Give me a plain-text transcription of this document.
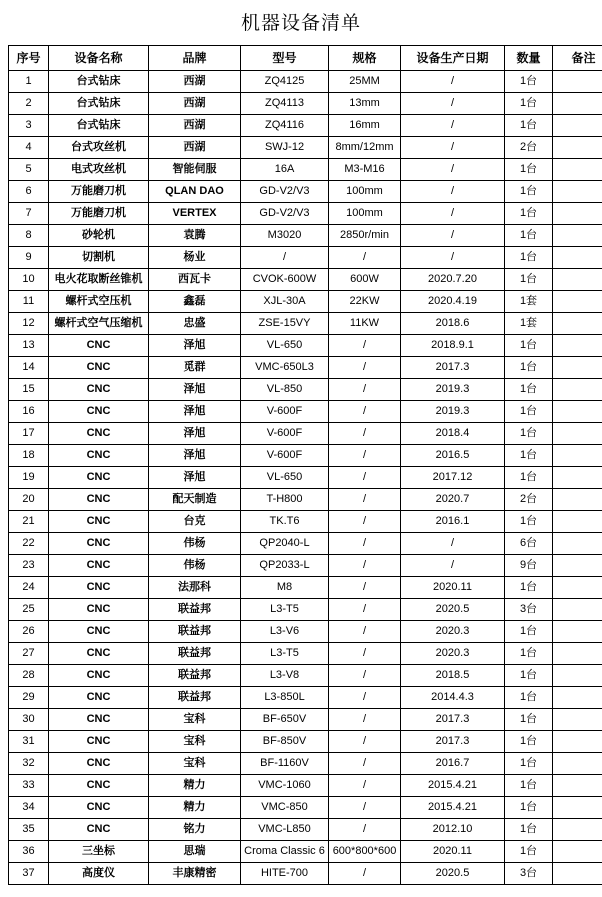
机器设备清单
序号	设备名称	品牌	型号	规格	设备生产日期	数量	备注
1	台式钻床	西湖	ZQ4125	25MM	/	1台	
2	台式钻床	西湖	ZQ4113	13mm	/	1台	
3	台式钻床	西湖	ZQ4116	16mm	/	1台	
4	台式攻丝机	西湖	SWJ-12	8mm/12mm	/	2台	
5	电式攻丝机	智能伺服	16A	M3-M16	/	1台	
6	万能磨刀机	QLAN DAO	GD-V2/V3	100mm	/	1台	
7	万能磨刀机	VERTEX	GD-V2/V3	100mm	/	1台	
8	砂轮机	袁腾	M3020	2850r/min	/	1台	
9	切割机	杨业	/	/	/	1台	
10	电火花取断丝锥机	西瓦卡	CVOK-600W	600W	2020.7.20	1台	
11	螺杆式空压机	鑫磊	XJL-30A	22KW	2020.4.19	1套	
12	螺杆式空气压缩机	忠盛	ZSE-15VY	11KW	2018.6	1套	
13	CNC	泽旭	VL-650	/	2018.9.1	1台	
14	CNC	觅群	VMC-650L3	/	2017.3	1台	
15	CNC	泽旭	VL-850	/	2019.3	1台	
16	CNC	泽旭	V-600F	/	2019.3	1台	
17	CNC	泽旭	V-600F	/	2018.4	1台	
18	CNC	泽旭	V-600F	/	2016.5	1台	
19	CNC	泽旭	VL-650	/	2017.12	1台	
20	CNC	配天制造	T-H800	/	2020.7	2台	
21	CNC	台克	TK.T6	/	2016.1	1台	
22	CNC	伟杨	QP2040-L	/	/	6台	
23	CNC	伟杨	QP2033-L	/	/	9台	
24	CNC	法那科	M8	/	2020.11	1台	
25	CNC	联益邦	L3-T5	/	2020.5	3台	
26	CNC	联益邦	L3-V6	/	2020.3	1台	
27	CNC	联益邦	L3-T5	/	2020.3	1台	
28	CNC	联益邦	L3-V8	/	2018.5	1台	
29	CNC	联益邦	L3-850L	/	2014.4.3	1台	
30	CNC	宝科	BF-650V	/	2017.3	1台	
31	CNC	宝科	BF-850V	/	2017.3	1台	
32	CNC	宝科	BF-1160V	/	2016.7	1台	
33	CNC	精力	VMC-1060	/	2015.4.21	1台	
34	CNC	精力	VMC-850	/	2015.4.21	1台	
35	CNC	铭力	VMC-L850	/	2012.10	1台	
36	三坐标	思瑞	Croma Classic 6	600*800*600	2020.11	1台	
37	高度仪	丰康精密	HITE-700	/	2020.5	3台	
